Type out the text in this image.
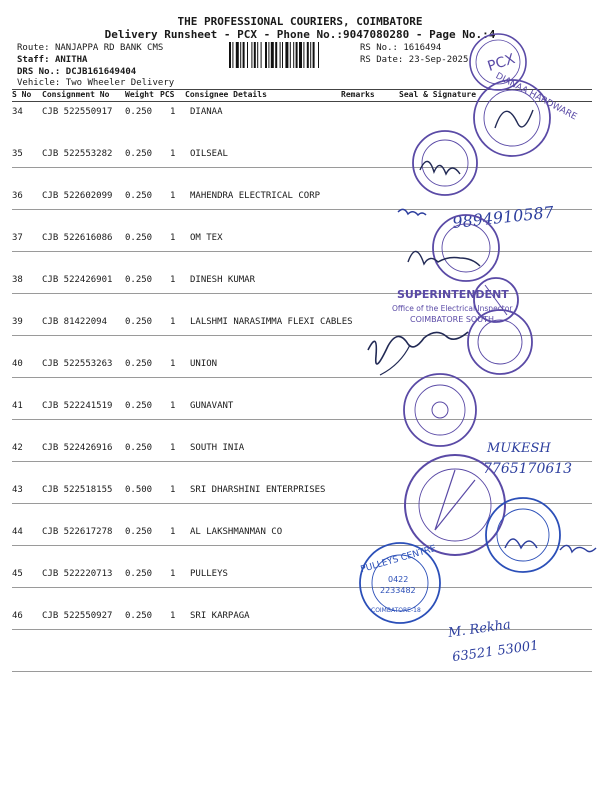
THE PROFESSIONAL COURIERS, COIMBATORE
Delivery Runsheet - PCX - Phone No.:9047080280 - Page No.:4
Route: NANJAPPA RD BANK CMS
Staff: ANITHA
DRS No.: DCJB161649404
Vehicle: Two Wheeler Delivery
RS No.: 1616494
RS Date: 23-Sep-2025
S No Consignment No Weight PCS Consignee Details	Remarks	Seal & Signature
34 CJB 522550917 0.250 1 DIANAA
35 CJB 522553282 0.250 1 OILSEAL
36 CJB 522602099 0.250 1 MAHENDRA ELECTRICAL CORP
37 CJB 522616086 0.250 1 OM TEX
38 CJB 522426901 0.250 1 DINESH KUMAR
39 CJB 81422094 0.250 1 LALSHMI NARASIMMA FLEXI CABLES
40 CJB 522553263 0.250 1 UNION
41 CJB 522241519 0.250 1 GUNAVANT
42 CJB 522426916 0.250 1 SOUTH INIA
43 CJB 522518155 0.500 1 SRI DHARSHINI ENTERPRISES
44 CJB 522617278 0.250 1 AL LAKSHMANMAN CO
45 CJB 522220713 0.250 1 PULLEYS
46 CJB 522550927 0.250 1 SRI KARPAGA
PCX
DIANAA HARDWARE
9894910587
SUPERINTENDENT
Office of the Electrical Inspector
COIMBATORE SOUTH
MUKESH
7765170613
PULLEYS CENTRE
0422
2233482
COIMBATORE-18
M. Rekha
63521 53001
